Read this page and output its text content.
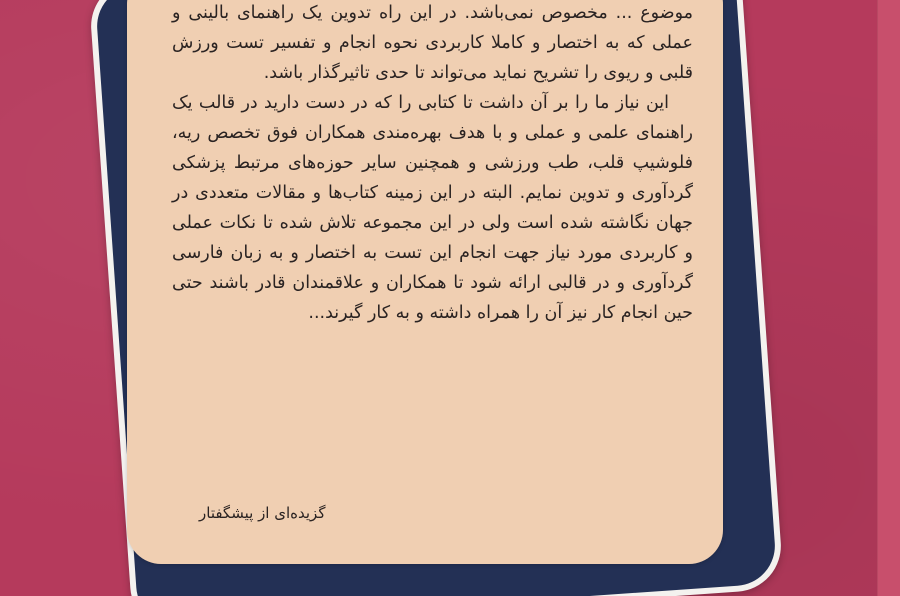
موضوع ... مخصوص نمی‌باشد. در این راه تدوین یک راهنمای بالینی و عملی که به اختصار و کاملا کاربردی نحوه انجام و تفسیر تست ورزش قلبی و ریوی را تشریح نماید می‌تواند تا حدی تاثیرگذار باشد.

این نیاز ما را بر آن داشت تا کتابی را که در دست دارید در قالب یک راهنمای علمی و عملی و با هدف بهره‌مندی همکاران فوق تخصص ریه، فلوشیپ قلب، طب ورزشی و همچنین سایر حوزه‌های مرتبط پزشکی گردآوری و تدوین نمایم. البته در این زمینه کتاب‌ها و مقالات متعددی در جهان نگاشته شده است ولی در این مجموعه تلاش شده تا نکات عملی و کاربردی مورد نیاز جهت انجام این تست به اختصار و به زبان فارسی گردآوری و در قالبی ارائه شود تا همکاران و علاقمندان قادر باشند حتی حین انجام کار نیز آن را همراه داشته و به کار گیرند...

گزیده‌ای از پیشگفتار
